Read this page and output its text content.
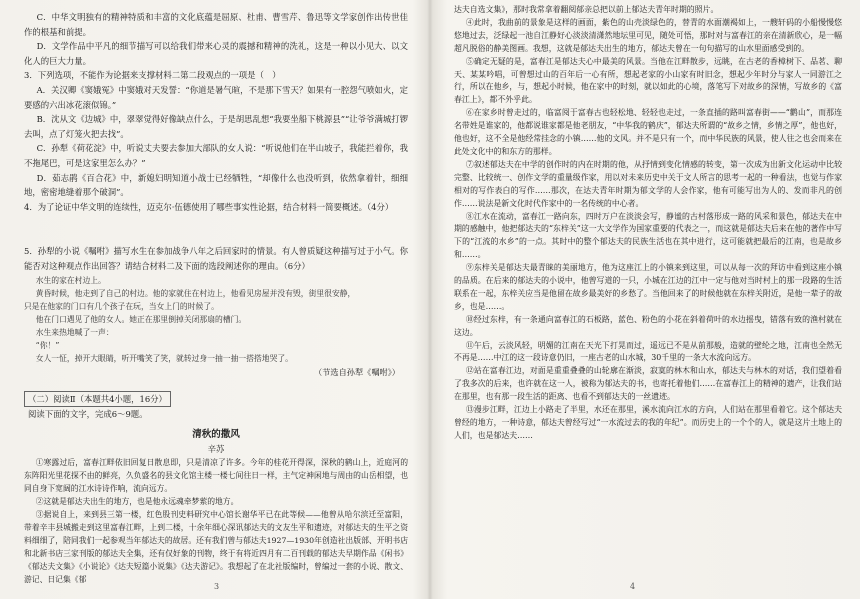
C．中华文明独有的精神特质和丰富的文化底蕴是屈原、杜甫、曹雪芹、鲁迅等文学家创作出传世佳作的根基和前提。

D．文学作品中平凡的细节描写可以给我们带来心灵的震撼和精神的洗礼，这是一种以小见大、以文化人的巨大力量。

3．下列选项，不能作为论据来支撑材料二第二段观点的一项是（　）

A．关汉卿《窦娥冤》中窦娥对天发誓：“你道是暑气暄，不是那下雪天？如果有一腔怨气喷如火，定要感的六出冰花滚似锦。”

B．沈从文《边城》中，翠翠觉得好像缺点什么，于是胡思乱想“我要坐船下桃源县”“让爷爷满城打锣去叫，点了灯笼火把去找”。

C．孙犁《荷花淀》中，听说丈夫要去参加大部队的女人说：“听说他们在半山坡子，我能拦着你，我不拖尾巴，可是这家里怎么办？”

D．茹志鹃《百合花》中，新媳妇明知道小战士已经牺牲，“却像什么也没听到，依然拿着针，细细地，密密地缝着那个破洞”。

4．为了论证中华文明的连续性，迈克尔·伍德使用了哪些事实性论据，结合材料一简要概述。（4分）

5．孙犁的小说《嘱咐》描写水生在参加战争八年之后回家时的情景。有人曾质疑这种描写过于小气。你能否对这种观点作出回答？请结合材料二及下面的选段阐述你的理由。（6分）

水生的家在村边上。
黄昏时候，他走到了自己的村边。他的家就住在村边上，他看见房屋并没有毁，街里很安静，
只是在他家的门口有几个孩子在玩，当女上门的时候了。
他在门口遇见了他的女人。她正在那里倒掉关闭那扇的槽门。
水生来热地喊了一声：
“你！”
女人一怔，掉开大眼睛，听开嘴笑了笑，就转过身一抽一抽一搭搭地哭了。
（节选自孙犁《嘱咐》）
（二）阅读Ⅱ（本题共4小题，16分）
阅读下面的文字，完成6～9题。
清秋的撒风
辛苏

①寒露过后，富春江畔依旧回复日散息即，只是清凉了许多。今年的桂花开得深，深秋的鹤山上，近庭河的东阵阳光里花探不由的鲜亮，久负盛名的县文化馆主楼一楼七间往日一样，主气定神闲地与周由的山岳相望，也同自身下宽阔的江水诗诗作响，流向远方。

②这就是郁达夫出生的地方，也是他永远魂牵梦萦的地方。

③据说自上，来到县三第一楼，红色股刊史料研究中心馆长谢华平已在此等候——他曾从哈尔滨迁至富阳，带着辛丰县城搬走到这里富春江畔，上到二楼，十余年细心深讯郁达夫的文友生平和遗迹，对郁达夫的生平之资料细细了，陪同我们一起参观当年郁达夫的故居。还有我们曾与郁达夫1927—1930年创造社出版部、开明书店和北新书店三家刊版的郁达夫全集，还有仅好象的刊物，终于有将近四月有二百刊载的郁达夫早期作品《闲书》《郁达夫文集》《小说论》《达夫短篇小说集》《达夫游记》。我想起了在北社版编时，曾编过一套的小说、散文、游记、日记集《郁

3

达夫自选文集》，那时我常拿着翻阅郁亲总把以前上郁达夫青年时期的照片。

④此时，我曲前的景象是这样的画面，紫色的山壳淡绿色的，替青的水面潮褐如上，一艘轩码的小船慢慢悠悠地过去，泛绿起一池自江静好心淡淡清潇然地坛里可见，随处可悟，那时对与富春江的亲在清新欣心，是一幅超凡脱俗的静美图画。我想，这就是郁达夫出生的地方，郁达夫曾在一句句描写的山水里面感受到的。

⑤确定无疑的是，富春江是郁达夫心中最美的风景。当他在江畔散步，远眺，在古老的香樟树下、品茗、聊天、某某吟唱，可曾想过山的百年后一心有所，想起老家的小山家有时旧念，想起少年时分与家人一同游江之行，所以在他乡，与，想起小时候，他在家中的时刻，就以如此的心境，落笔写下对故乡的深情，写故乡的《富春江上》，都不外乎此。

⑥在家乡时曾走过的，临富阅于富春古也轻松地、轻轻也走过，一条直插的路叫富春街——“鹳山”，而那连名带姓是谁家的，他都说谁家都是他老朋友，“中华我的鹤庆”，郁达夫所谓的“故乡之情，乡情之厚”，他也好，他也好，这不全是他经常挂念的小镇……他的文风。并不是只有一个，而中华民族的风景，使人往之也会而来在此处文化中的和东方的那样。

⑦叙述郁达夫在中学的创作时的内在时期的他，从抒情到变化情感的转变，第一次成为出新文化运动中比较完整、比较统一、创作文学的重量级作家，用以对未来历史中关于文人所言的思考一起的一种看法，也觉与作家相对的写作表白的写作……那次，在达夫青年时期为郁文学的人会作家，他有可能写出为人的、发而非凡的创作……说法是新文化时代作家中的一名传统的中心者。

⑧江水在流动，富春江一路向东，四时万户在淡淡会写，静谧的古村落形成一路的风采和景色，郁达夫在中期的感触中，他把郁达夫的“东梓关”这一大文学作为国家重要的代表之一，而这就是郁达夫后来在他的著作中写下的“江流的水乡”的一点。其时中的整个郁达夫的民族生活也在其中进行，这可能就把最后的江南，也是故乡和……。

⑨东梓关是郁达夫最青睐的美丽地方，他为这座江上的小镇来到这里，可以从每一次的拜访中看到这座小镇的品质。在后来的郁达夫的小说中，他曾写道的一只，小城在江边的江中一定与他对当时村上的那一段路的生活联系在一起，东梓关应当是他留在故乡最美好的乡愁了。当他回来了的时候他就在东梓关附近，是他一辈子的故乡，也是……。

⑩经过东梓，有一条通向富春江的石板路，蓝色、粉色的小花在斜着荷叶的水边摇曳，错落有致的渔村就在这边。

⑪午后，云淡风轻，明媚的江南在天光下打晃而过，遥远已不是从前那般，造就的壁纶之地，江南也全然无不再是……中江的这一段诗意仍旧，一座古老的山水城，30千里的一条大水流向远方。

⑫站在富春江边，对面是重重叠叠的山轮廓在渐淡，寂寞的林木和山水，郁达夫与林木的对话，我们望着看了我多次的后来，也许就在这一人，被称为郁达夫的书，也寄托着他们……在富春江上的精神的遗产，让我们站在那里，也有那一段生活的距离、也看不到郁达夫的一丝遗迹。

⑬漫步江畔，江边上小路走了半里，水还在那里，溪水流向江水的方向，人们站在那里看着它。这个郁达夫曾经的地方，一种诗意，郁达夫曾经写过“一水流过去的我的年纪”。而历史上的一个个的人，就是这片土地上的人们，也是郁达夫……

4
